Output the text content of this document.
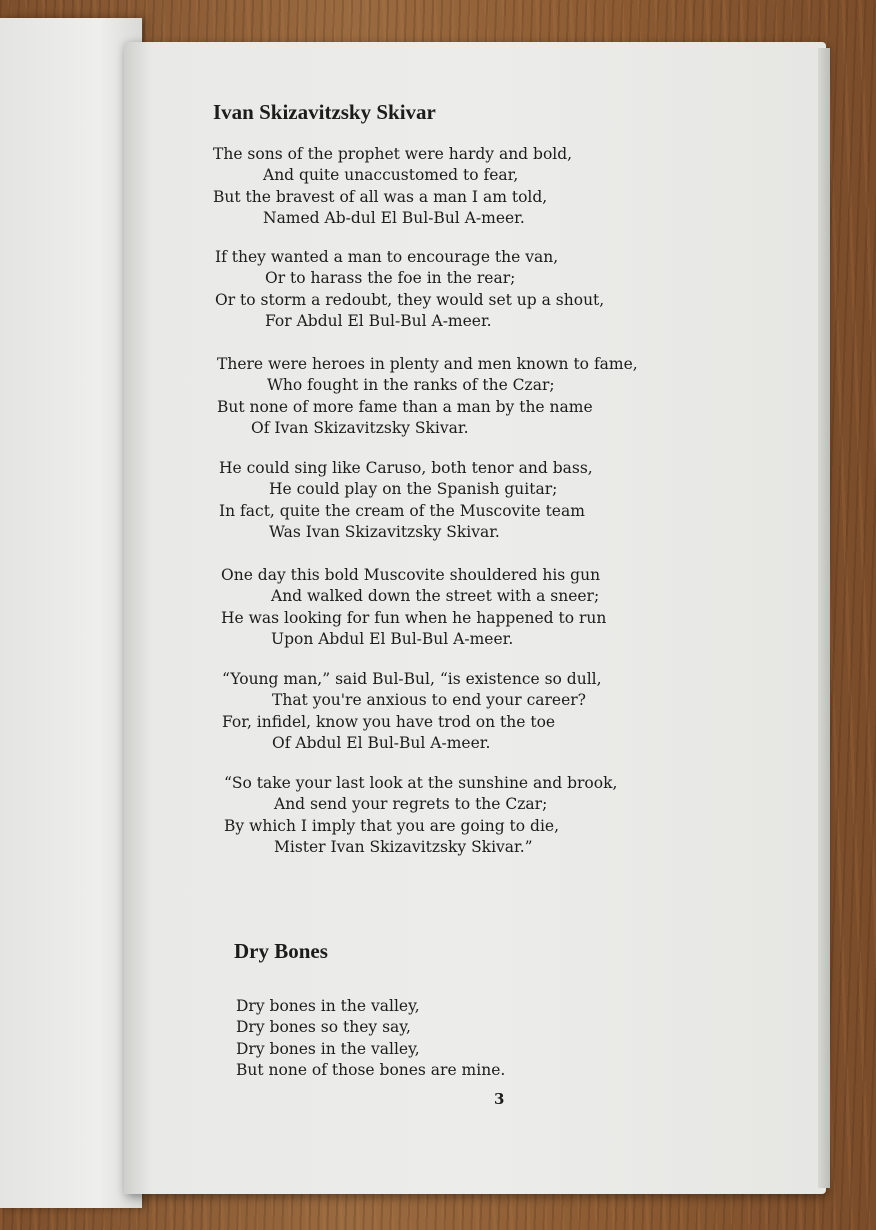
Ivan Skizavitzsky Skivar
The sons of the prophet were hardy and bold,
And quite unaccustomed to fear,
But the bravest of all was a man I am told,
Named Ab-dul El Bul-Bul A-meer.
If they wanted a man to encourage the van,
Or to harass the foe in the rear;
Or to storm a redoubt, they would set up a shout,
For Abdul El Bul-Bul A-meer.
There were heroes in plenty and men known to fame,
Who fought in the ranks of the Czar;
But none of more fame than a man by the name
Of Ivan Skizavitzsky Skivar.
He could sing like Caruso, both tenor and bass,
He could play on the Spanish guitar;
In fact, quite the cream of the Muscovite team
Was Ivan Skizavitzsky Skivar.
One day this bold Muscovite shouldered his gun
And walked down the street with a sneer;
He was looking for fun when he happened to run
Upon Abdul El Bul-Bul A-meer.
“Young man,” said Bul-Bul, “is existence so dull,
That you're anxious to end your career?
For, infidel, know you have trod on the toe
Of Abdul El Bul-Bul A-meer.
“So take your last look at the sunshine and brook,
And send your regrets to the Czar;
By which I imply that you are going to die,
Mister Ivan Skizavitzsky Skivar.”
Dry Bones
Dry bones in the valley,
Dry bones so they say,
Dry bones in the valley,
But none of those bones are mine.
3
